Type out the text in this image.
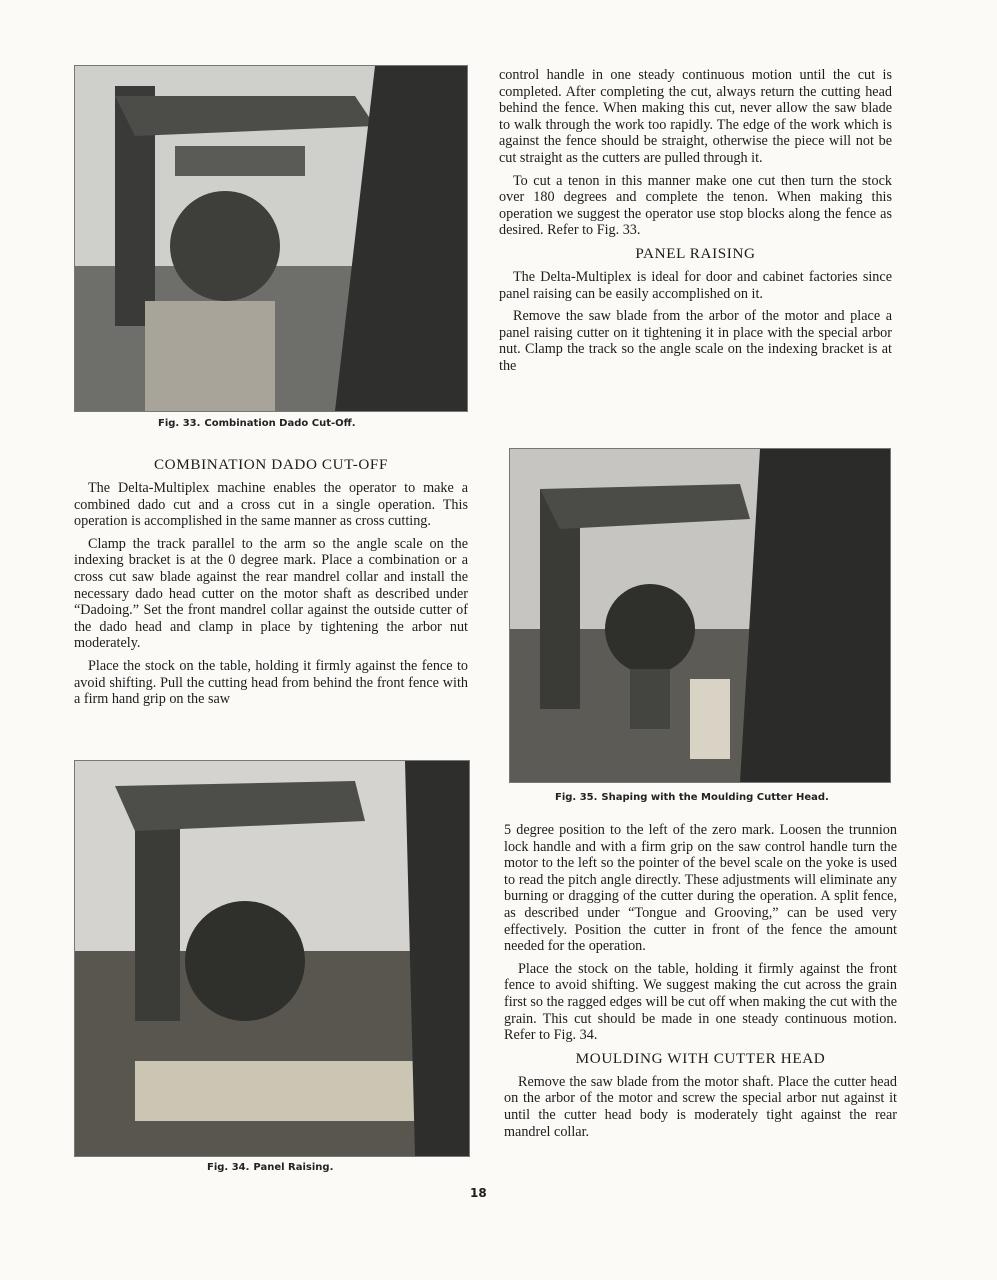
Fig. 33. Combination Dado Cut-Off.

control handle in one steady continuous motion until the cut is completed. After completing the cut, always return the cutting head behind the fence. When making this cut, never allow the saw blade to walk through the work too rapidly. The edge of the work which is against the fence should be straight, otherwise the piece will not be cut straight as the cutters are pulled through it.

To cut a tenon in this manner make one cut then turn the stock over 180 degrees and complete the tenon. When making this operation we suggest the operator use stop blocks along the fence as desired. Refer to Fig. 33.

PANEL RAISING

The Delta-Multiplex is ideal for door and cabinet factories since panel raising can be easily accomplished on it.

Remove the saw blade from the arbor of the motor and place a panel raising cutter on it tightening it in place with the special arbor nut. Clamp the track so the angle scale on the indexing bracket is at the

COMBINATION DADO CUT-OFF

The Delta-Multiplex machine enables the operator to make a combined dado cut and a cross cut in a single operation. This operation is accomplished in the same manner as cross cutting.

Clamp the track parallel to the arm so the angle scale on the indexing bracket is at the 0 degree mark. Place a combination or a cross cut saw blade against the rear mandrel collar and install the necessary dado head cutter on the motor shaft as described under “Dadoing.” Set the front mandrel collar against the outside cutter of the dado head and clamp in place by tightening the arbor nut moderately.

Place the stock on the table, holding it firmly against the fence to avoid shifting. Pull the cutting head from behind the front fence with a firm hand grip on the saw

Fig. 35. Shaping with the Moulding Cutter Head.
Fig. 34. Panel Raising.

5 degree position to the left of the zero mark. Loosen the trunnion lock handle and with a firm grip on the saw control handle turn the motor to the left so the pointer of the bevel scale on the yoke is used to read the pitch angle directly. These adjustments will eliminate any burning or dragging of the cutter during the operation. A split fence, as described under “Tongue and Grooving,” can be used very effectively. Position the cutter in front of the fence the amount needed for the operation.

Place the stock on the table, holding it firmly against the front fence to avoid shifting. We suggest making the cut across the grain first so the ragged edges will be cut off when making the cut with the grain. This cut should be made in one steady continuous motion. Refer to Fig. 34.

MOULDING WITH CUTTER HEAD

Remove the saw blade from the motor shaft. Place the cutter head on the arbor of the motor and screw the special arbor nut against it until the cutter head body is moderately tight against the rear mandrel collar.

18
